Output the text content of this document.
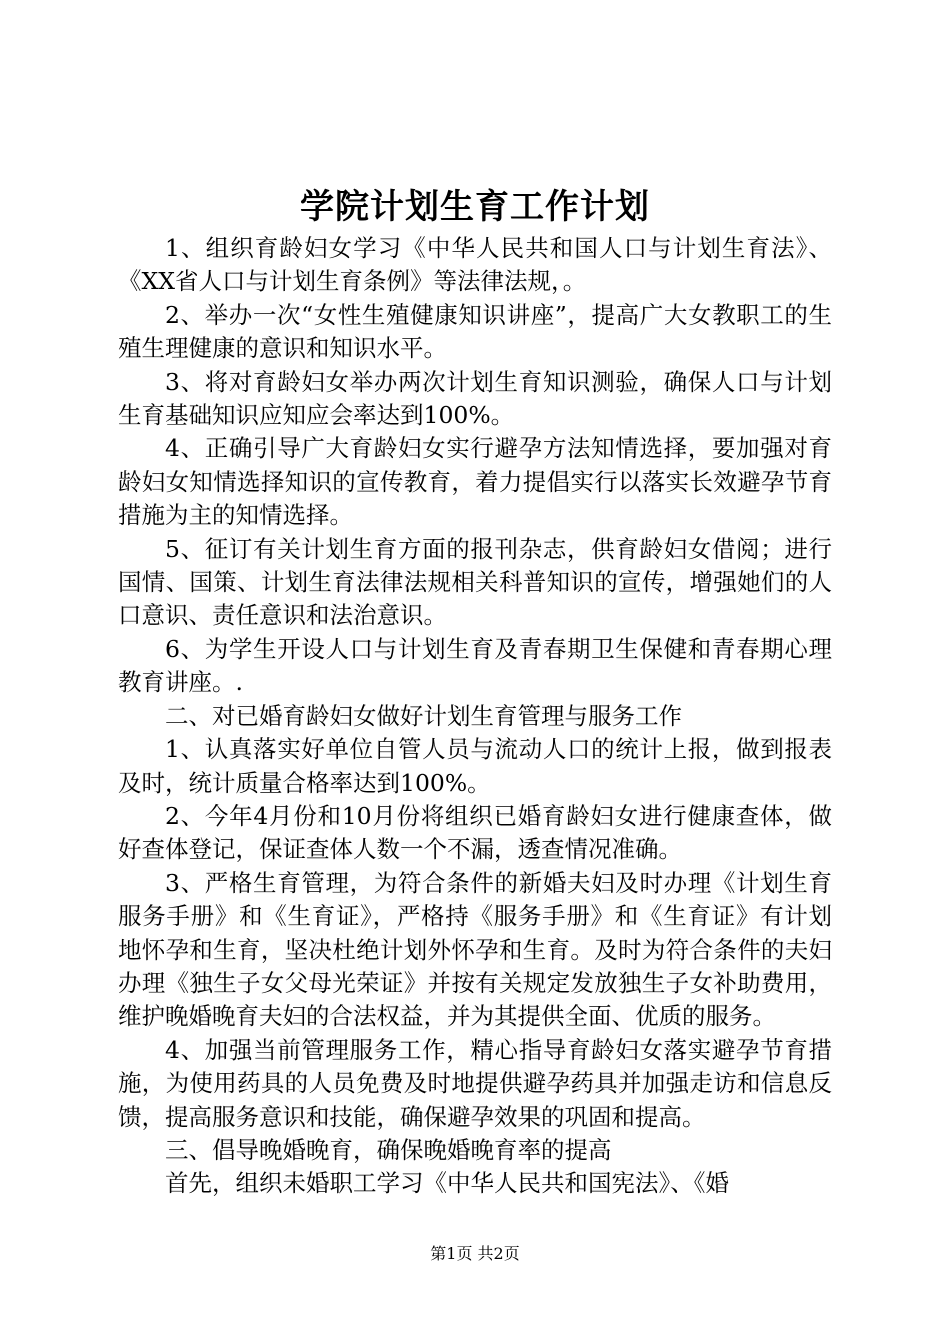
学院计划生育工作计划

1、组织育龄妇女学习《中华人民共和国人口与计划生育法》、《XX省人口与计划生育条例》等法律法规，。

2、举办一次“女性生殖健康知识讲座”，提高广大女教职工的生殖生理健康的意识和知识水平。

3、将对育龄妇女举办两次计划生育知识测验，确保人口与计划生育基础知识应知应会率达到100%。

4、正确引导广大育龄妇女实行避孕方法知情选择，要加强对育龄妇女知情选择知识的宣传教育，着力提倡实行以落实长效避孕节育措施为主的知情选择。

5、征订有关计划生育方面的报刊杂志，供育龄妇女借阅；进行国情、国策、计划生育法律法规相关科普知识的宣传，增强她们的人口意识、责任意识和法治意识。

6、为学生开设人口与计划生育及青春期卫生保健和青春期心理教育讲座。.

二、对已婚育龄妇女做好计划生育管理与服务工作

1、认真落实好单位自管人员与流动人口的统计上报，做到报表及时，统计质量合格率达到100%。

2、今年4月份和10月份将组织已婚育龄妇女进行健康查体，做好查体登记，保证查体人数一个不漏，透查情况准确。

3、严格生育管理，为符合条件的新婚夫妇及时办理《计划生育服务手册》和《生育证》，严格持《服务手册》和《生育证》有计划地怀孕和生育，坚决杜绝计划外怀孕和生育。及时为符合条件的夫妇办理《独生子女父母光荣证》并按有关规定发放独生子女补助费用，维护晚婚晚育夫妇的合法权益，并为其提供全面、优质的服务。

4、加强当前管理服务工作，精心指导育龄妇女落实避孕节育措施，为使用药具的人员免费及时地提供避孕药具并加强走访和信息反馈，提高服务意识和技能，确保避孕效果的巩固和提高。

三、倡导晚婚晚育，确保晚婚晚育率的提高

首先，组织未婚职工学习《中华人民共和国宪法》、《婚

第1页 共2页
